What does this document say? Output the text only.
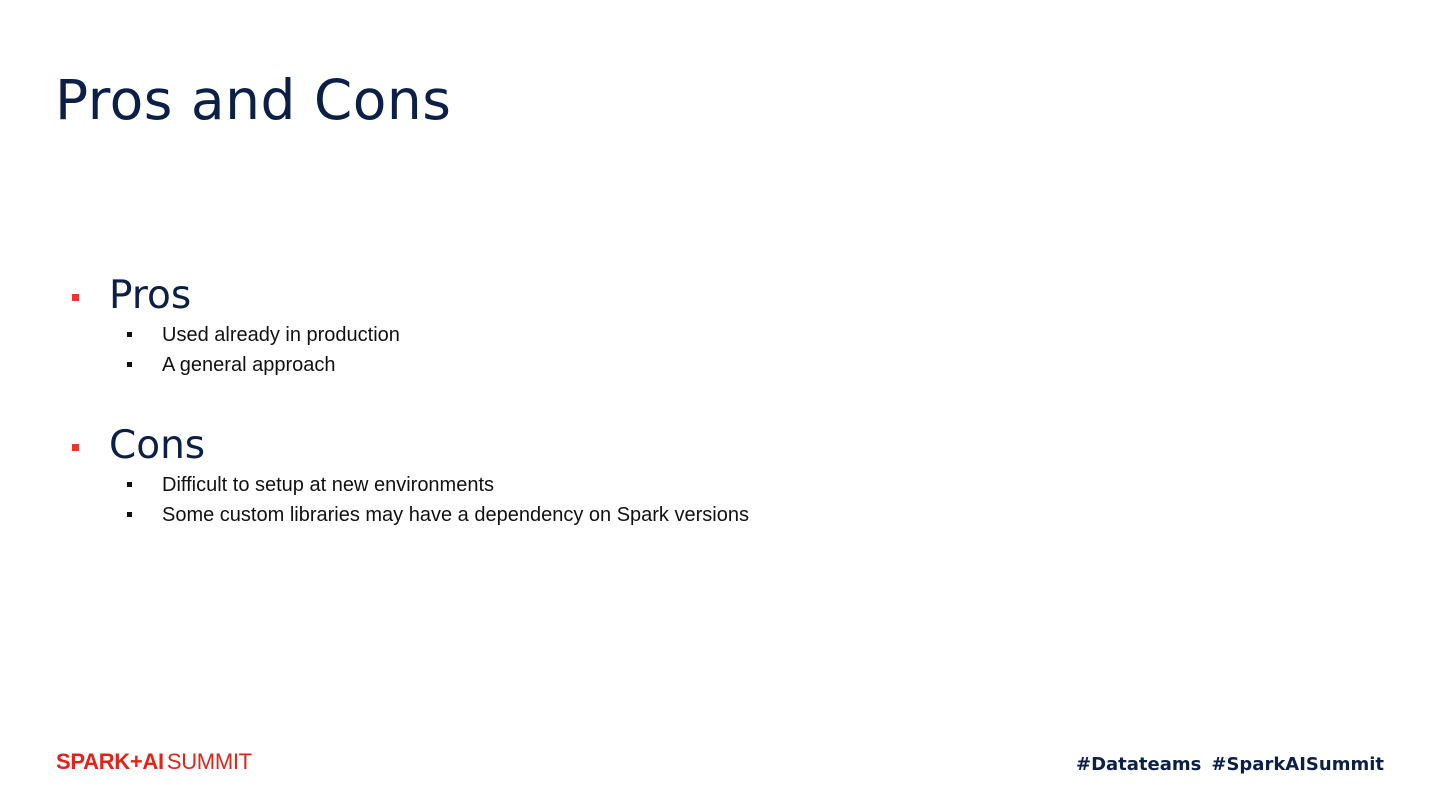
Pros and Cons
Pros
Used already in production
A general approach
Cons
Difficult to setup at new environments
Some custom libraries may have a dependency on Spark versions
SPARK+AI SUMMIT	#Datateams #SparkAISummit
